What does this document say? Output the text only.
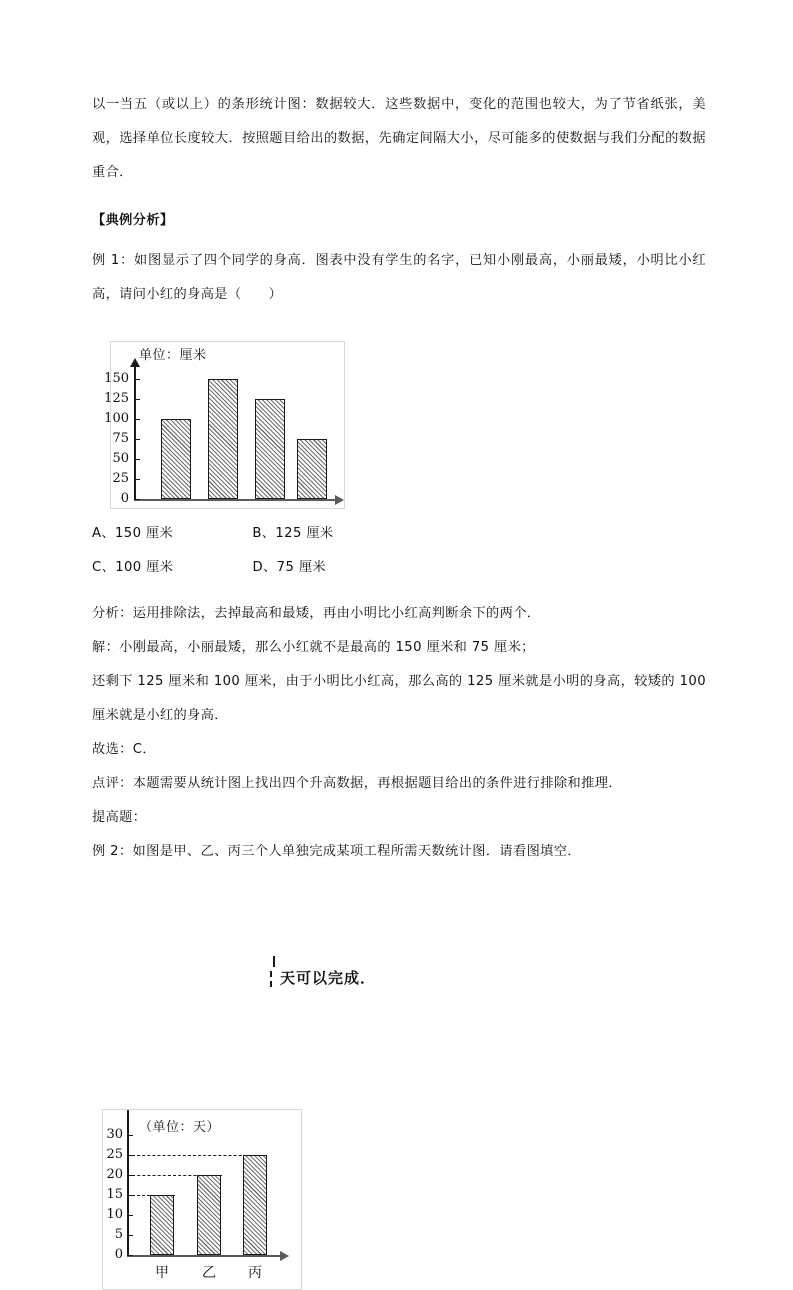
以一当五（或以上）的条形统计图：数据较大．这些数据中，变化的范围也较大，为了节省纸张，美观，选择单位长度较大．按照题目给出的数据，先确定间隔大小，尽可能多的使数据与我们分配的数据重合．

【典例分析】

例 1：如图显示了四个同学的身高．图表中没有学生的名字，已知小刚最高，小丽最矮，小明比小红高，请问小红的身高是（　　）

单位：厘米
0
25
50
75
100
125
150

A、150 厘米	B、125 厘米

C、100 厘米	D、75 厘米

分析：运用排除法，去掉最高和最矮，再由小明比小红高判断余下的两个．

解：小刚最高，小丽最矮，那么小红就不是最高的 150 厘米和 75 厘米；

还剩下 125 厘米和 100 厘米，由于小明比小红高，那么高的 125 厘米就是小明的身高，较矮的 100 厘米就是小红的身高．

故选：C．

点评：本题需要从统计图上找出四个升高数据，再根据题目给出的条件进行排除和推理．

提高题：

例 2：如图是甲、乙、丙三个人单独完成某项工程所需天数统计图．请看图填空．

（单位：天）
0
5
10
15
20
25
30
甲	乙	丙
天可以完成．
